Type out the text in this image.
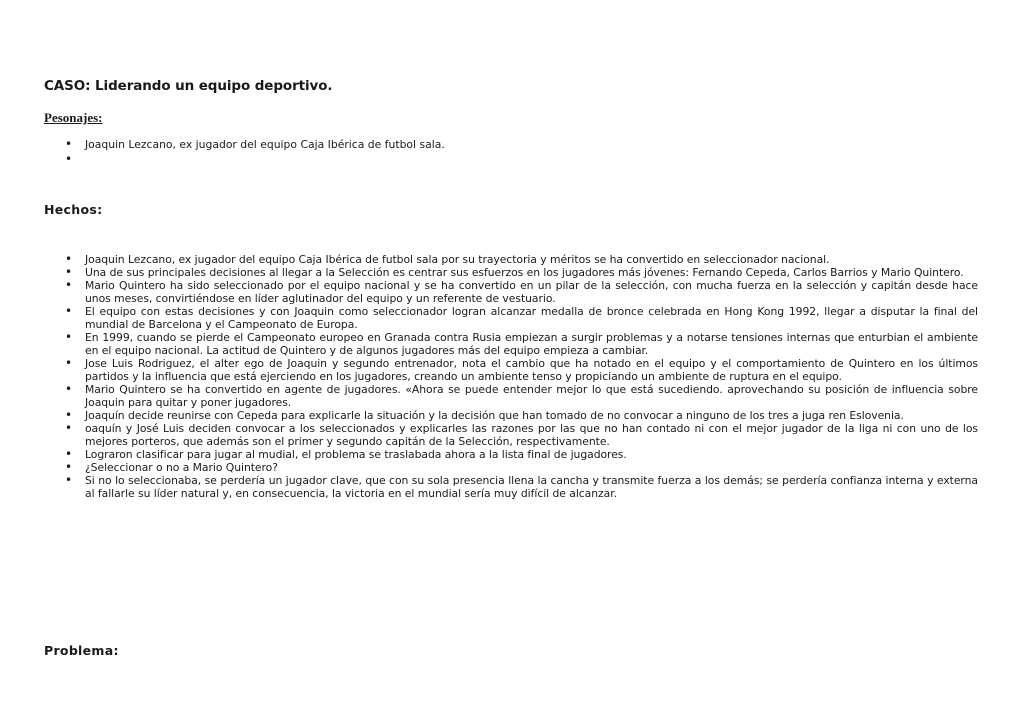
CASO: Liderando un equipo deportivo.
Pesonajes:
• Joaquin Lezcano, ex jugador del equipo Caja Ibérica de futbol sala.
•
Hechos:
• Joaquin Lezcano, ex jugador del equipo Caja Ibérica de futbol sala por su trayectoria y méritos se ha convertido en seleccionador nacional.
• Una de sus principales decisiones al llegar a la Selección es centrar sus esfuerzos en los jugadores más jóvenes: Fernando Cepeda, Carlos Barrios y Mario Quintero.
• Mario Quintero ha sido seleccionado por el equipo nacional y se ha convertido en un pilar de la selección, con mucha fuerza en la selección y capitán desde hace unos meses, convirtiéndose en líder aglutinador del equipo y un referente de vestuario.
• El equipo con estas decisiones y con Joaquin como seleccionador logran alcanzar medalla de bronce celebrada en Hong Kong 1992, llegar a disputar la final del mundial de Barcelona y el Campeonato de Europa.
• En 1999, cuando se pierde el Campeonato europeo en Granada contra Rusia empiezan a surgir problemas y a notarse tensiones internas que enturbian el ambiente en el equipo nacional. La actitud de Quintero y de algunos jugadores más del equipo empieza a cambiar.
• Jose Luis Rodriguez, el alter ego de Joaquin y segundo entrenador, nota el cambio que ha notado en el equipo y el comportamiento de Quintero en los últimos partidos y la influencia que está ejerciendo en los jugadores, creando un ambiente tenso y propiciando un ambiente de ruptura en el equipo.
• Mario Quintero se ha convertido en agente de jugadores. «Ahora se puede entender mejor lo que está sucediendo. aprovechando su posición de influencia sobre Joaquin para quitar y poner jugadores.
• Joaquín decide reunirse con Cepeda para explicarle la situación y la decisión que han tomado de no convocar a ninguno de los tres a juga ren Eslovenia.
• oaquín y José Luis deciden convocar a los seleccionados y explicarles las razones por las que no han contado ni con el mejor jugador de la liga ni con uno de los mejores porteros, que además son el primer y segundo capitán de la Selección, respectivamente.
• Lograron clasificar para jugar al mudial, el problema se traslabada ahora a la lista final de jugadores.
• ¿Seleccionar o no a Mario Quintero?
• Si no lo seleccionaba, se perdería un jugador clave, que con su sola presencia llena la cancha y transmite fuerza a los demás; se perdería confianza interna y externa al fallarle su líder natural y, en consecuencia, la victoria en el mundial sería muy difícil de alcanzar.
Problema:
